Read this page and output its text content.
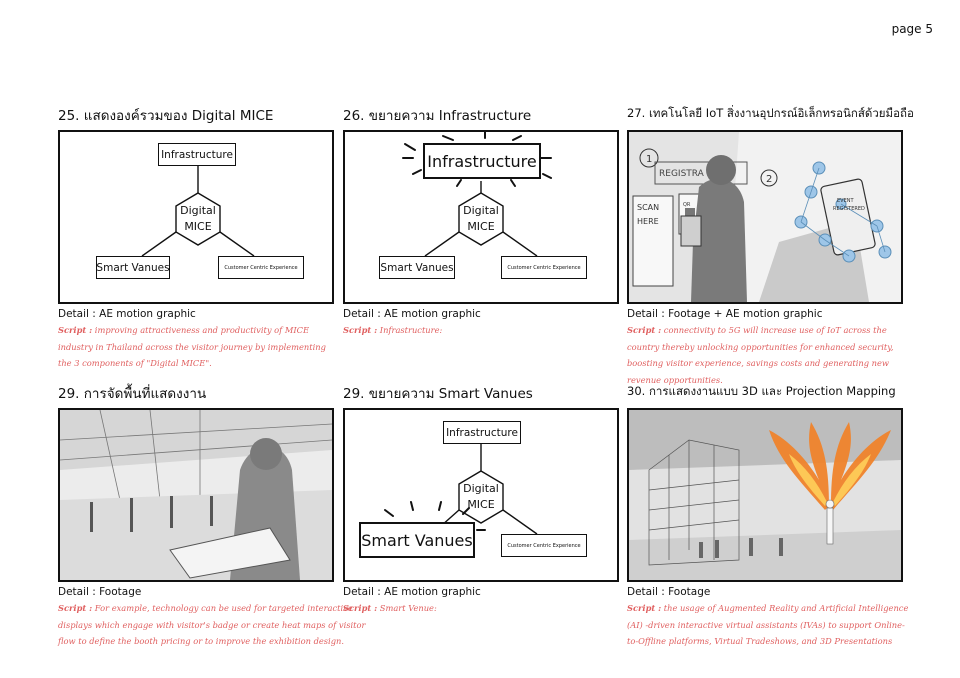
page 5
25. แสดงองค์รวมของ Digital MICE
Infrastructure
Digital
MICE
Smart Vanues	Customer Centric Experience
Detail : AE motion graphic
Script : improving attractiveness and productivity of MICE industry in Thailand across the visitor journey by implementing the 3 components of "Digital MICE".
26. ขยายความ Infrastructure
Infrastructure
Digital
MICE
Smart Vanues	Customer Centric Experience
Detail : AE motion graphic
Script : Infrastructure:
27. เทคโนโลยี IoT สิ่งงานอุปกรณ์อิเล็กทรอนิกส์ด้วยมือถือ
1
2
REGISTRA
SCAN
HERE
QR
EVENT
REGISTERED
Detail : Footage + AE motion graphic
Script : connectivity to 5G will increase use of IoT across the country thereby unlocking opportunities for enhanced security, boosting visitor experience, savings costs and generating new revenue opportunities.
29. การจัดพื้นที่แสดงงาน
Detail : Footage
Script : For example, technology can be used for targeted interactive displays which engage with visitor's badge or create heat maps of visitor flow to define the booth pricing or to improve the exhibition design.
29. ขยายความ Smart Vanues
Infrastructure
Digital
MICE
Smart Vanues	Customer Centric Experience
Detail : AE motion graphic
Script : Smart Venue:
30. การแสดงงานแบบ 3D และ Projection Mapping
Detail : Footage
Script : the usage of Augmented Reality and Artificial Intelligence (AI) -driven interactive virtual assistants (IVAs) to support Online-to-Offline platforms, Virtual Tradeshows, and 3D Presentations
